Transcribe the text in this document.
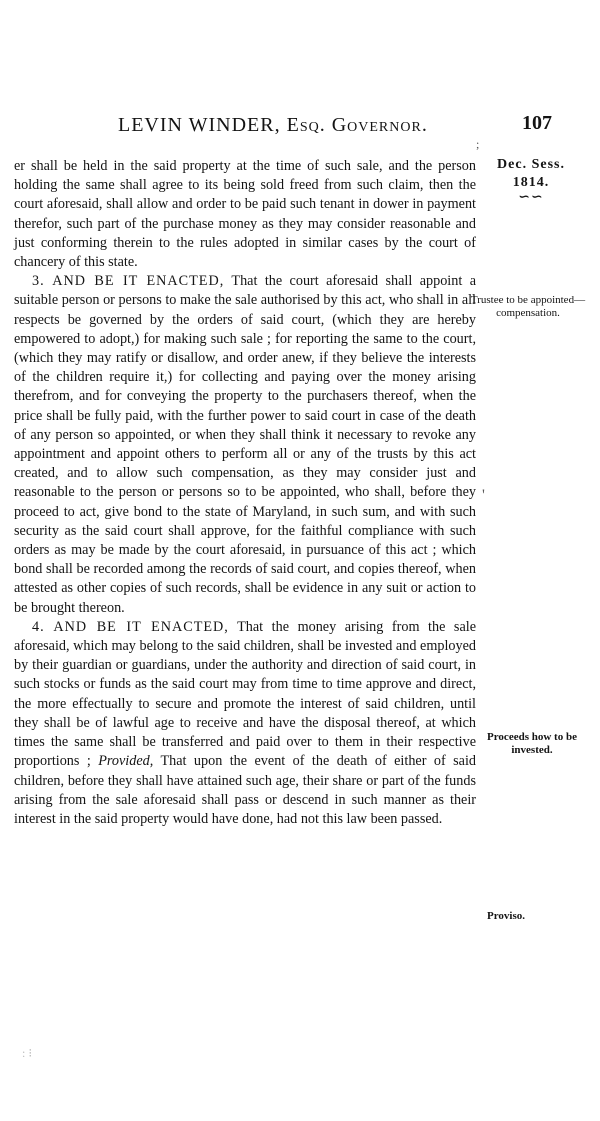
LEVIN WINDER, Esq. Governor.	107
Dec. Sess.
1814.
∽∽
Trustee to be appointed—compensation.
Proceeds how to be invested.
Proviso.

er shall be held in the said property at the time of such sale, and the person holding the same shall agree to its being sold freed from such claim, then the court aforesaid, shall allow and order to be paid such tenant in dower in payment therefor, such part of the purchase money as they may consider reasonable and just conforming therein to the rules adopted in similar cases by the court of chancery of this state.

3. AND BE IT ENACTED, That the court aforesaid shall appoint a suitable person or persons to make the sale authorised by this act, who shall in all respects be governed by the orders of said court, (which they are hereby empowered to adopt,) for making such sale ; for reporting the same to the court, (which they may ratify or disallow, and order anew, if they believe the interests of the children require it,) for collecting and paying over the money arising therefrom, and for conveying the property to the purchasers thereof, when the price shall be fully paid, with the further power to said court in case of the death of any person so appointed, or when they shall think it necessary to revoke any appointment and appoint others to perform all or any of the trusts by this act created, and to allow such compensation, as they may consider just and reasonable to the person or persons so to be appointed, who shall, before they proceed to act, give bond to the state of Maryland, in such sum, and with such security as the said court shall approve, for the faithful compliance with such orders as may be made by the court aforesaid, in pursuance of this act ; which bond shall be recorded among the records of said court, and copies thereof, when attested as other copies of such records, shall be evidence in any suit or action to be brought thereon.

4. AND BE IT ENACTED, That the money arising from the sale aforesaid, which may belong to the said children, shall be invested and employed by their guardian or guardians, under the authority and direction of said court, in such stocks or funds as the said court may from time to time approve and direct, the more effectually to secure and promote the interest of said children, until they shall be of lawful age to receive and have the disposal thereof, at which times the same shall be transferred and paid over to them in their respective proportions ; Provided, That upon the event of the death of either of said children, before they shall have attained such age, their share or part of the funds arising from the sale aforesaid shall pass or descend in such manner as their interest in the said property would have done, had not this law been passed.

;
'
: ⁝
